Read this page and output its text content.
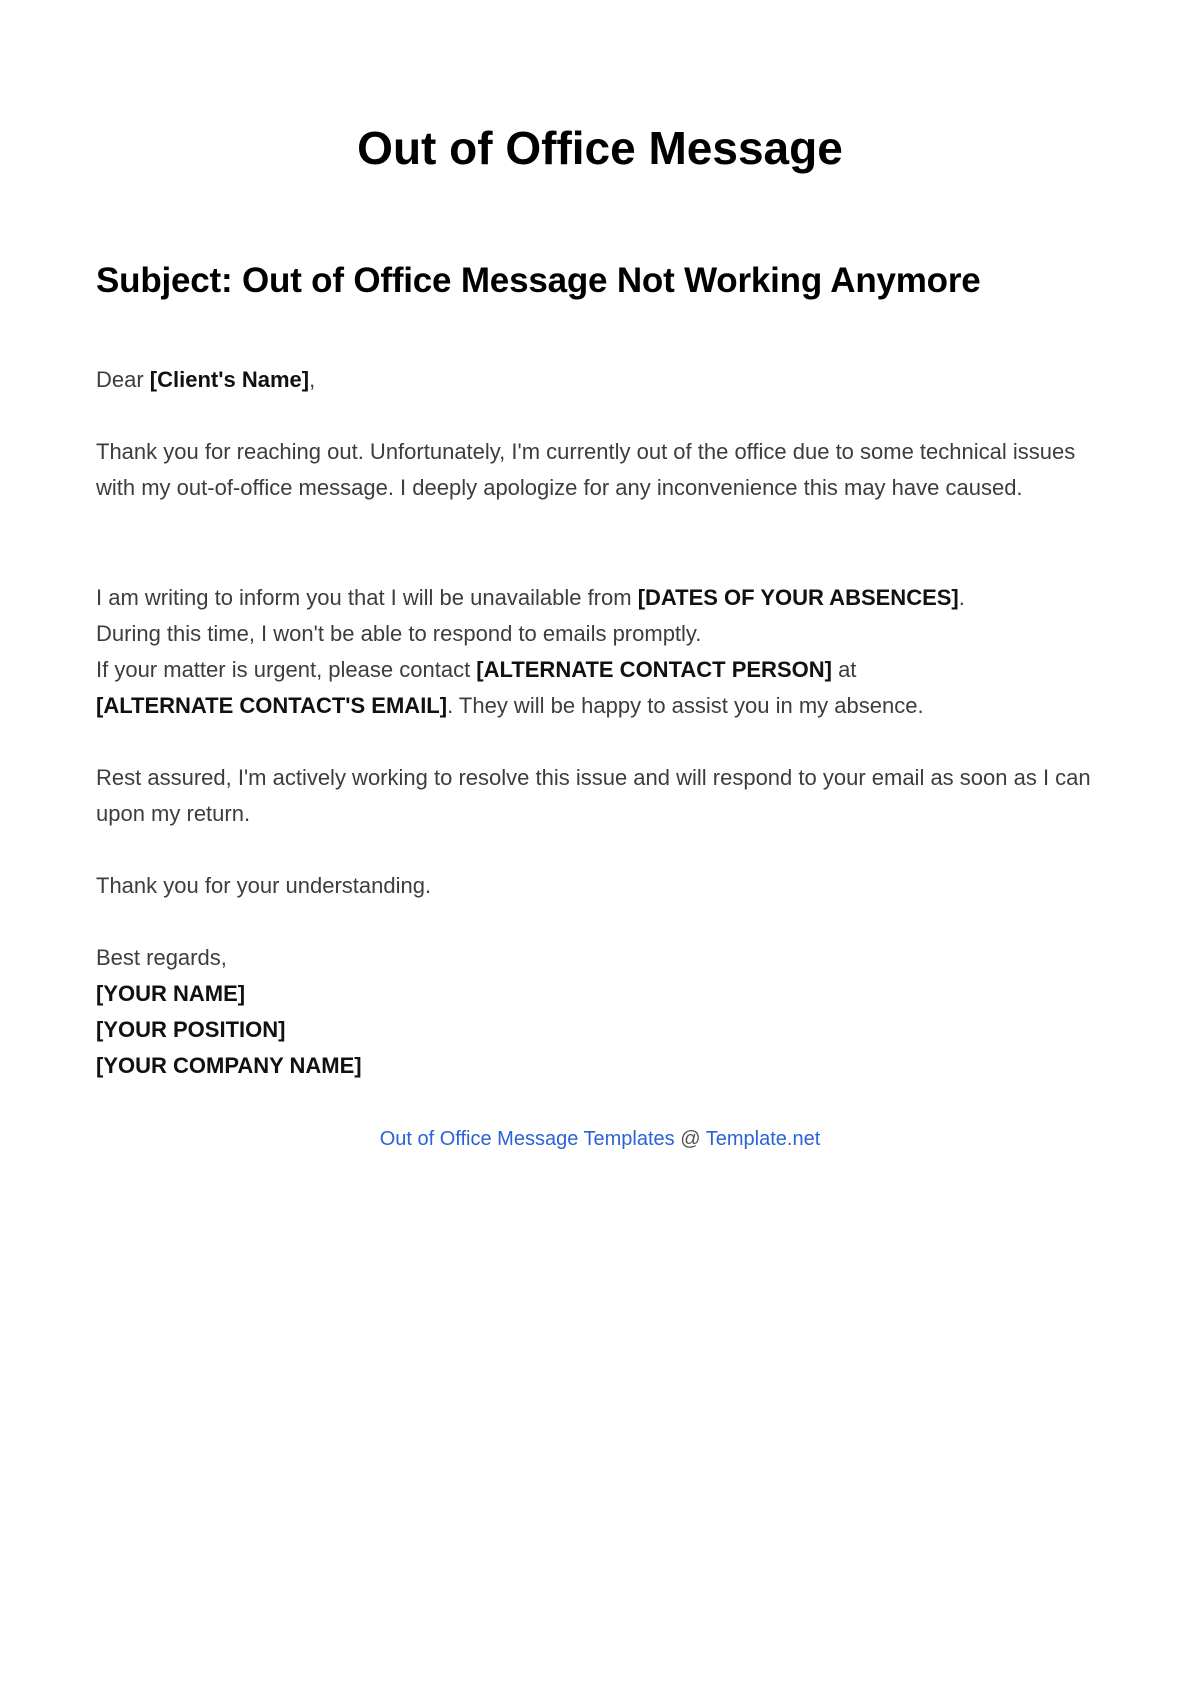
Out of Office Message
Subject: Out of Office Message Not Working Anymore

Dear [Client's Name],

Thank you for reaching out. Unfortunately, I'm currently out of the office due to some technical issues with my out-of-office message. I deeply apologize for any inconvenience this may have caused.

I am writing to inform you that I will be unavailable from [DATES OF YOUR ABSENCES].
During this time, I won't be able to respond to emails promptly.
If your matter is urgent, please contact [ALTERNATE CONTACT PERSON] at
[ALTERNATE CONTACT'S EMAIL]. They will be happy to assist you in my absence.

Rest assured, I'm actively working to resolve this issue and will respond to your email as soon as I can upon my return.

Thank you for your understanding.

Best regards,

[YOUR NAME]

[YOUR POSITION]

[YOUR COMPANY NAME]

Out of Office Message Templates @ Template.net
